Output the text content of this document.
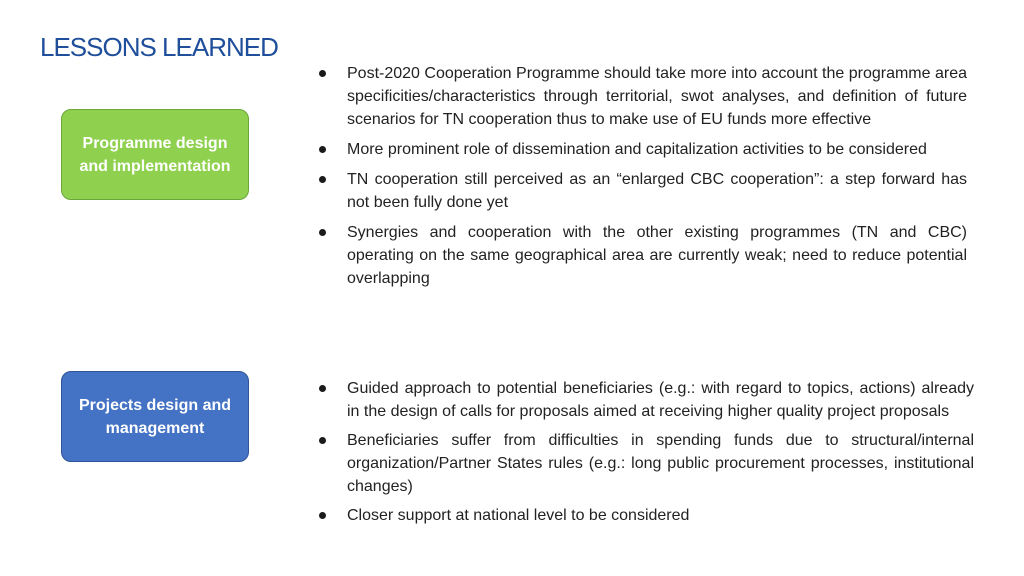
LESSONS LEARNED
Programme design and implementation
Post-2020 Cooperation Programme should take more into account the programme area specificities/characteristics through territorial, swot analyses, and definition of future scenarios for TN cooperation thus to make use of EU funds more effective
More prominent role of dissemination and capitalization activities to be considered
TN cooperation still perceived as an “enlarged CBC cooperation”: a step forward has not been fully done yet
Synergies and cooperation with the other existing programmes (TN and CBC) operating on the same geographical area are currently weak; need to reduce potential overlapping
Projects design and management
Guided approach to potential beneficiaries (e.g.: with regard to topics, actions) already in the design of calls for proposals aimed at receiving higher quality project proposals
Beneficiaries suffer from difficulties in spending funds due to structural/internal organization/Partner States rules (e.g.: long public procurement processes, institutional changes)
Closer support at national level to be considered
